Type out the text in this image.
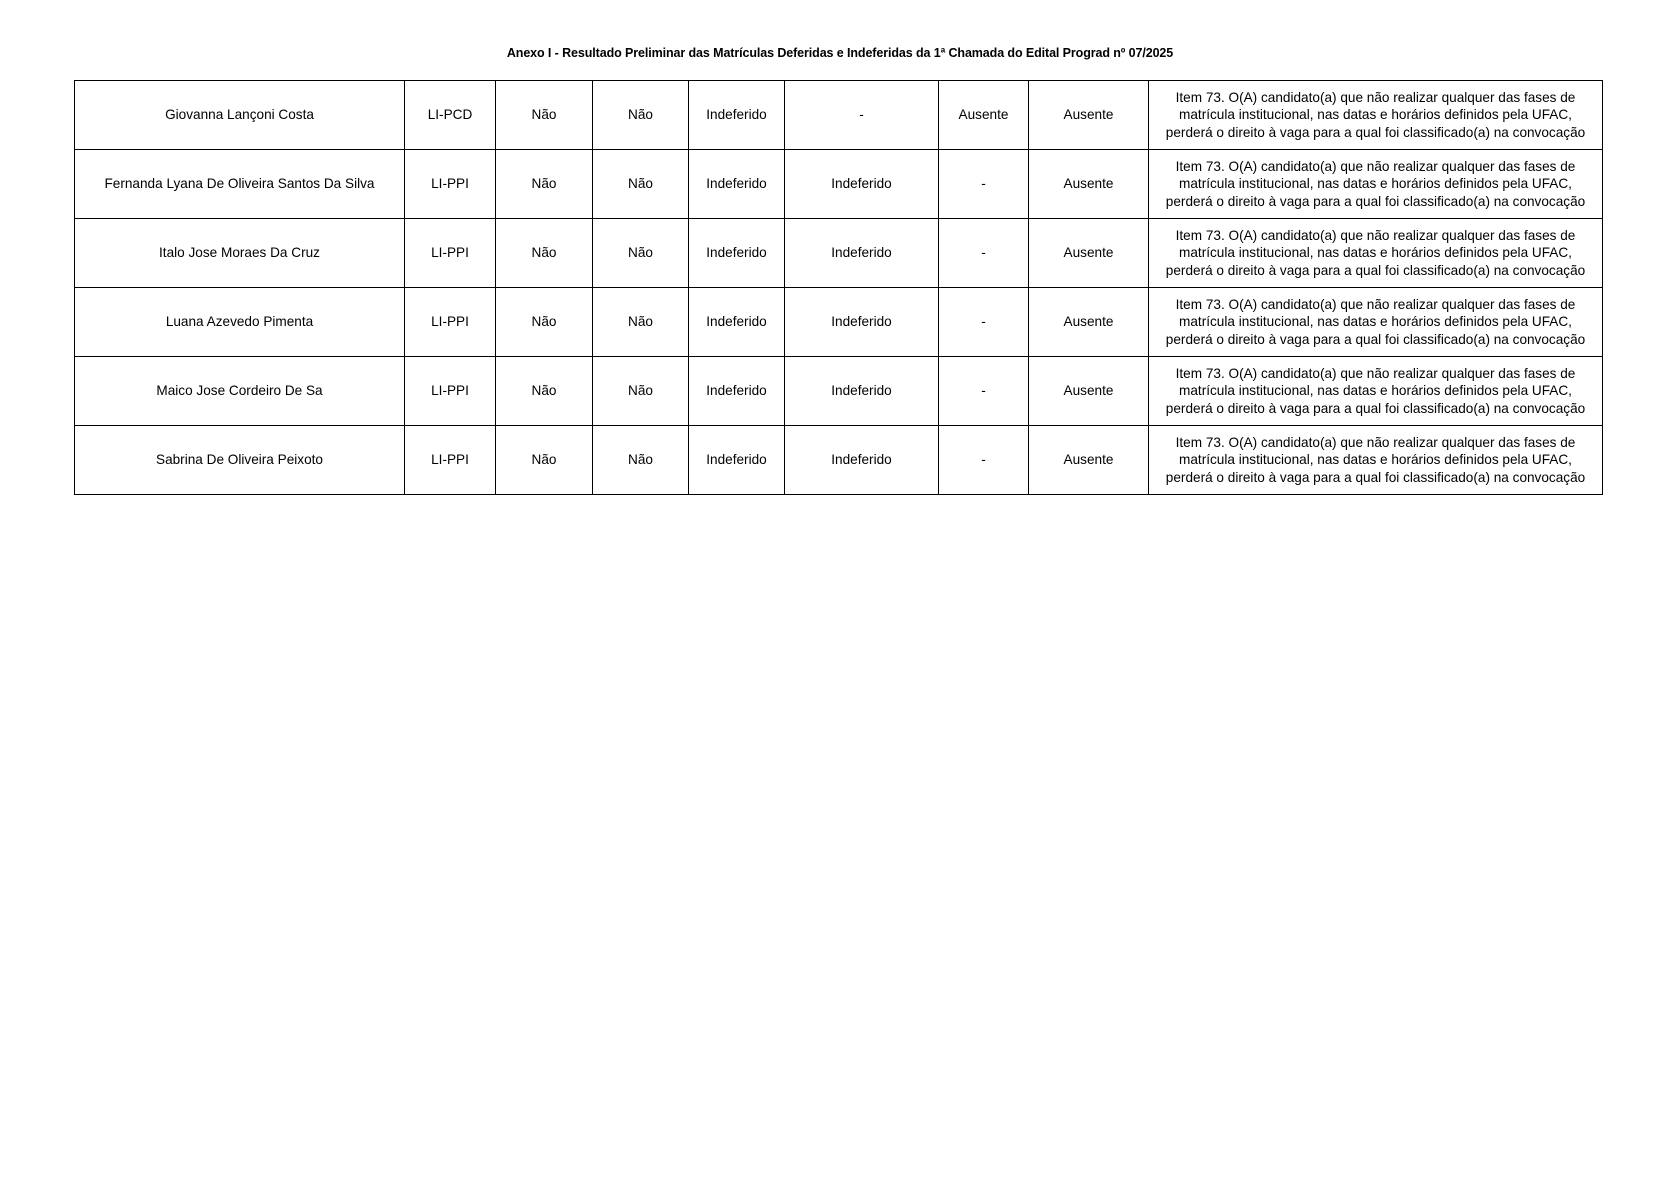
Anexo I - Resultado Preliminar das Matrículas Deferidas e Indeferidas da 1ª Chamada do Edital Prograd nº 07/2025
Giovanna Lançoni Costa	LI-PCD	Não	Não	Indeferido	-	Ausente	Ausente	Item 73. O(A) candidato(a) que não realizar qualquer das fases de matrícula institucional, nas datas e horários definidos pela UFAC, perderá o direito à vaga para a qual foi classificado(a) na convocação
Fernanda Lyana De Oliveira Santos Da Silva	LI-PPI	Não	Não	Indeferido	Indeferido	-	Ausente	Item 73. O(A) candidato(a) que não realizar qualquer das fases de matrícula institucional, nas datas e horários definidos pela UFAC, perderá o direito à vaga para a qual foi classificado(a) na convocação
Italo Jose Moraes Da Cruz	LI-PPI	Não	Não	Indeferido	Indeferido	-	Ausente	Item 73. O(A) candidato(a) que não realizar qualquer das fases de matrícula institucional, nas datas e horários definidos pela UFAC, perderá o direito à vaga para a qual foi classificado(a) na convocação
Luana Azevedo Pimenta	LI-PPI	Não	Não	Indeferido	Indeferido	-	Ausente	Item 73. O(A) candidato(a) que não realizar qualquer das fases de matrícula institucional, nas datas e horários definidos pela UFAC, perderá o direito à vaga para a qual foi classificado(a) na convocação
Maico Jose Cordeiro De Sa	LI-PPI	Não	Não	Indeferido	Indeferido	-	Ausente	Item 73. O(A) candidato(a) que não realizar qualquer das fases de matrícula institucional, nas datas e horários definidos pela UFAC, perderá o direito à vaga para a qual foi classificado(a) na convocação
Sabrina De Oliveira Peixoto	LI-PPI	Não	Não	Indeferido	Indeferido	-	Ausente	Item 73. O(A) candidato(a) que não realizar qualquer das fases de matrícula institucional, nas datas e horários definidos pela UFAC, perderá o direito à vaga para a qual foi classificado(a) na convocação
